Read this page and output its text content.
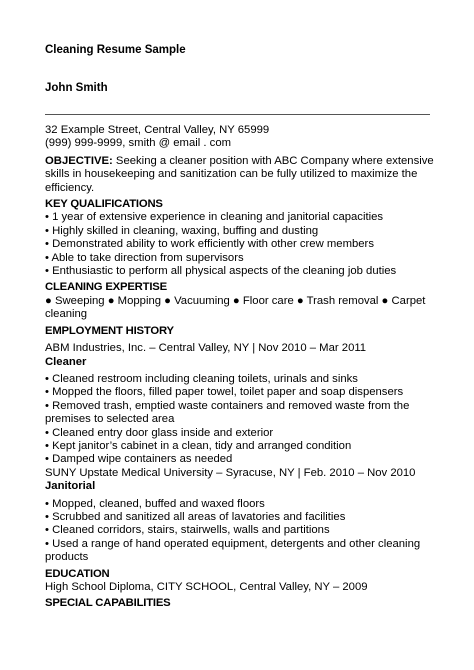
Cleaning Resume Sample
John Smith
32 Example Street, Central Valley, NY 65999
(999) 999-9999, smith @ email . com
OBJECTIVE: Seeking a cleaner position with ABC Company where extensive
skills in housekeeping and sanitization can be fully utilized to maximize the
efficiency.
KEY QUALIFICATIONS
• 1 year of extensive experience in cleaning and janitorial capacities
• Highly skilled in cleaning, waxing, buffing and dusting
• Demonstrated ability to work efficiently with other crew members
• Able to take direction from supervisors
• Enthusiastic to perform all physical aspects of the cleaning job duties
CLEANING EXPERTISE
● Sweeping ● Mopping ● Vacuuming ● Floor care ● Trash removal ● Carpet
cleaning
EMPLOYMENT HISTORY
ABM Industries, Inc. – Central Valley, NY | Nov 2010 – Mar 2011
Cleaner
• Cleaned restroom including cleaning toilets, urinals and sinks
• Mopped the floors, filled paper towel, toilet paper and soap dispensers
• Removed trash, emptied waste containers and removed waste from the
premises to selected area
• Cleaned entry door glass inside and exterior
• Kept janitor’s cabinet in a clean, tidy and arranged condition
• Damped wipe containers as needed
SUNY Upstate Medical University – Syracuse, NY | Feb. 2010 – Nov 2010
Janitorial
• Mopped, cleaned, buffed and waxed floors
• Scrubbed and sanitized all areas of lavatories and facilities
• Cleaned corridors, stairs, stairwells, walls and partitions
• Used a range of hand operated equipment, detergents and other cleaning
products
EDUCATION
High School Diploma, CITY SCHOOL, Central Valley, NY – 2009
SPECIAL CAPABILITIES
